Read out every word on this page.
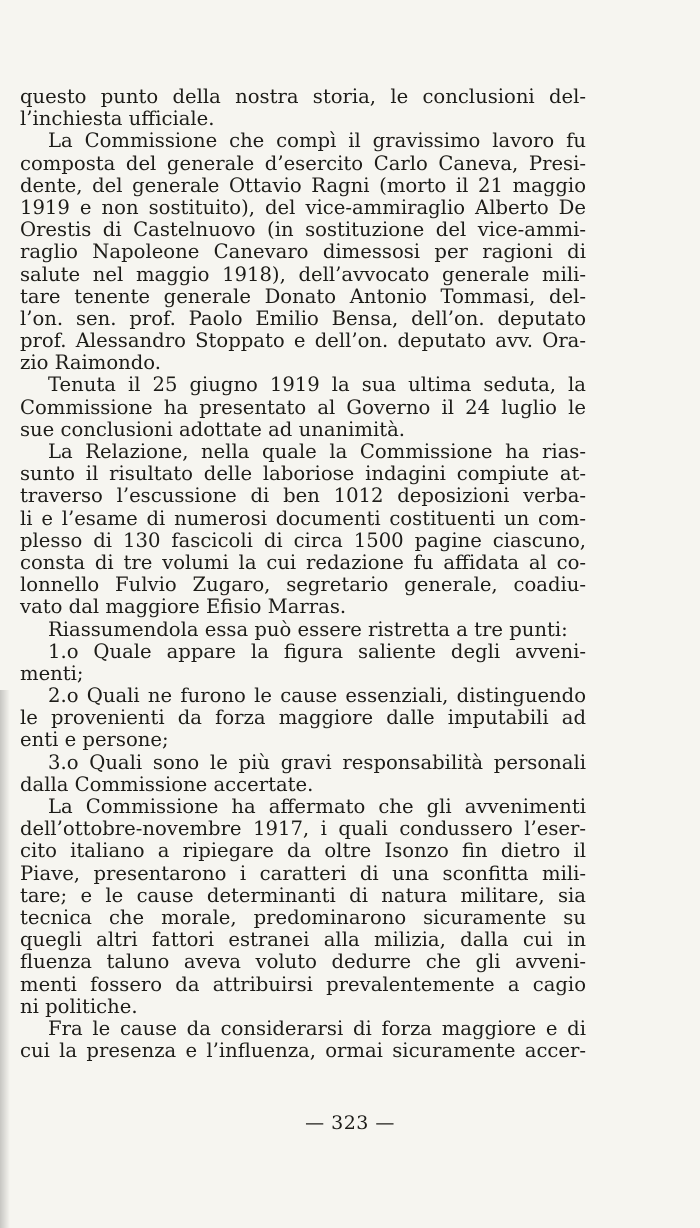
questo punto della nostra storia, le conclusioni del-
l’inchiesta ufficiale.
La Commissione che compì il gravissimo lavoro fu
composta del generale d’esercito Carlo Caneva, Presi-
dente, del generale Ottavio Ragni (morto il 21 maggio
1919 e non sostituito), del vice-ammiraglio Alberto De
Orestis di Castelnuovo (in sostituzione del vice-ammi-
raglio Napoleone Canevaro dimessosi per ragioni di
salute nel maggio 1918), dell’avvocato generale mili-
tare tenente generale Donato Antonio Tommasi, del-
l’on. sen. prof. Paolo Emilio Bensa, dell’on. deputato
prof. Alessandro Stoppato e dell’on. deputato avv. Ora-
zio Raimondo.
Tenuta il 25 giugno 1919 la sua ultima seduta, la
Commissione ha presentato al Governo il 24 luglio le
sue conclusioni adottate ad unanimità.
La Relazione, nella quale la Commissione ha rias-
sunto il risultato delle laboriose indagini compiute at-
traverso l’escussione di ben 1012 deposizioni verba-
li e l’esame di numerosi documenti costituenti un com-
plesso di 130 fascicoli di circa 1500 pagine ciascuno,
consta di tre volumi la cui redazione fu affidata al co-
lonnello Fulvio Zugaro, segretario generale, coadiu-
vato dal maggiore Efisio Marras.
Riassumendola essa può essere ristretta a tre punti:
1.o Quale appare la figura saliente degli avveni-
menti;
2.o Quali ne furono le cause essenziali, distinguendo
le provenienti da forza maggiore dalle imputabili ad
enti e persone;
3.o Quali sono le più gravi responsabilità personali
dalla Commissione accertate.
La Commissione ha affermato che gli avvenimenti
dell’ottobre-novembre 1917, i quali condussero l’eser-
cito italiano a ripiegare da oltre Isonzo fin dietro il
Piave, presentarono i caratteri di una sconfitta mili-
tare; e le cause determinanti di natura militare, sia
tecnica che morale, predominarono sicuramente su
quegli altri fattori estranei alla milizia, dalla cui in
fluenza taluno aveva voluto dedurre che gli avveni-
menti fossero da attribuirsi prevalentemente a cagio
ni politiche.
Fra le cause da considerarsi di forza maggiore e di
cui la presenza e l’influenza, ormai sicuramente accer-
— 323 —
